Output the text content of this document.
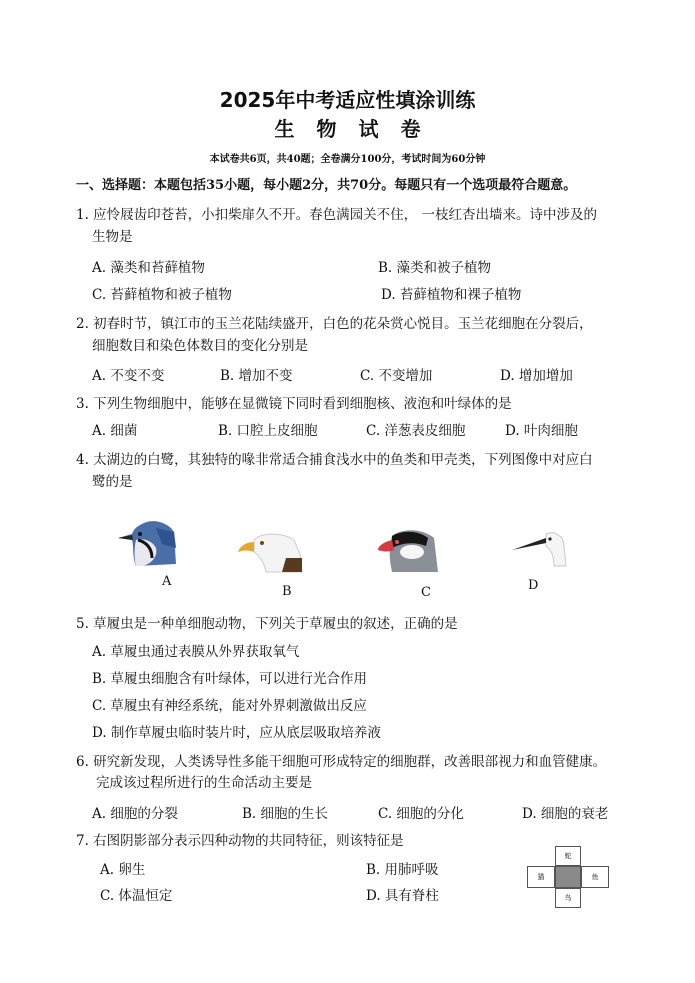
2025年中考适应性填涂训练
生物试卷
本试卷共6页，共40题；全卷满分100分，考试时间为60分钟
一、选择题：本题包括35小题，每小题2分，共70分。每题只有一个选项最符合题意。
1. 应怜屐齿印苍苔，小扣柴扉久不开。春色满园关不住， 一枝红杏出墙来。诗中涉及的
生物是
A. 藻类和苔藓植物	B. 藻类和被子植物
C. 苔藓植物和被子植物	D. 苔藓植物和裸子植物
2. 初春时节，镇江市的玉兰花陆续盛开，白色的花朵赏心悦目。玉兰花细胞在分裂后，
细胞数目和染色体数目的变化分别是
A. 不变不变	B. 增加不变	C. 不变增加	D. 增加增加
3. 下列生物细胞中，能够在显微镜下同时看到细胞核、液泡和叶绿体的是
A. 细菌	B. 口腔上皮细胞	C. 洋葱表皮细胞	D. 叶肉细胞
4. 太湖边的白鹭，其独特的喙非常适合捕食浅水中的鱼类和甲壳类，下列图像中对应白
鹭的是
A
B	C	D
5. 草履虫是一种单细胞动物，下列关于草履虫的叙述，正确的是
A. 草履虫通过表膜从外界获取氧气
B. 草履虫细胞含有叶绿体，可以进行光合作用
C. 草履虫有神经系统，能对外界刺激做出反应
D. 制作草履虫临时装片时，应从底层吸取培养液
6. 研究新发现，人类诱导性多能干细胞可形成特定的细胞群，改善眼部视力和血管健康。
完成该过程所进行的生命活动主要是
A. 细胞的分裂	B. 细胞的生长	C. 细胞的分化	D. 细胞的衰老
7. 右图阴影部分表示四种动物的共同特征，则该特征是
A. 卵生	B. 用肺呼吸
C. 体温恒定	D. 具有脊柱
蛇
猫	鱼
鸟
